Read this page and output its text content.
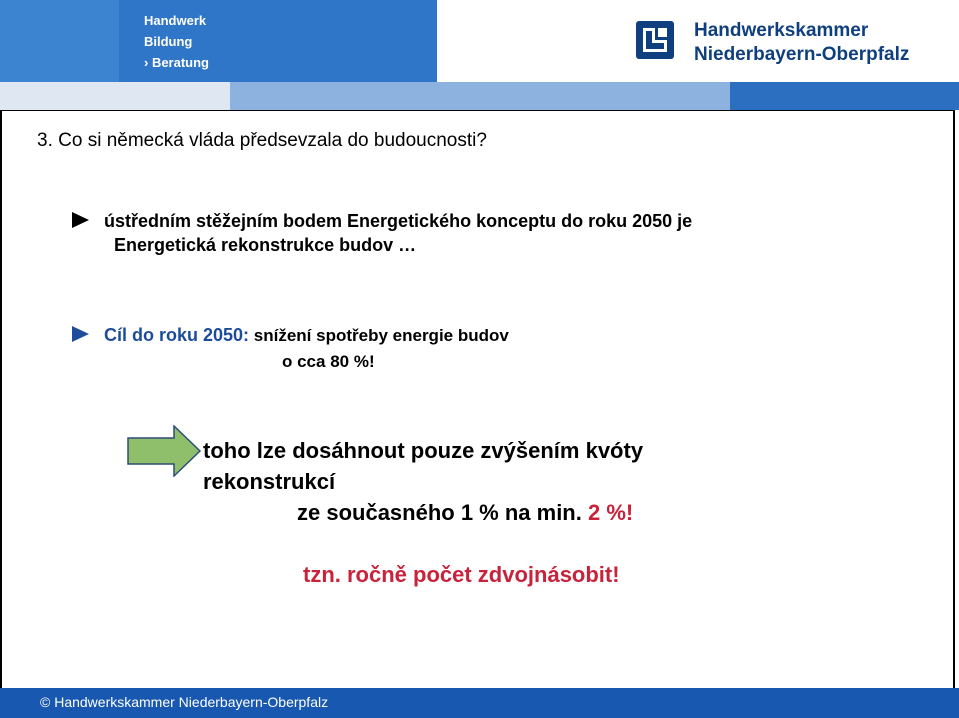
Handwerk
Bildung
› Beratung
Handwerkskammer
Niederbayern-Oberpfalz
3. Co si německá vláda předsevzala do budoucnosti?
ústředním stěžejním bodem Energetického konceptu do roku 2050 je
Energetická rekonstrukce budov …
Cíl do roku 2050: snížení spotřeby energie budov
o cca 80 %!
toho lze dosáhnout pouze zvýšením kvóty
rekonstrukcí
ze současného 1 % na min. 2 %!
tzn. ročně počet zdvojnásobit!
© Handwerkskammer Niederbayern-Oberpfalz
